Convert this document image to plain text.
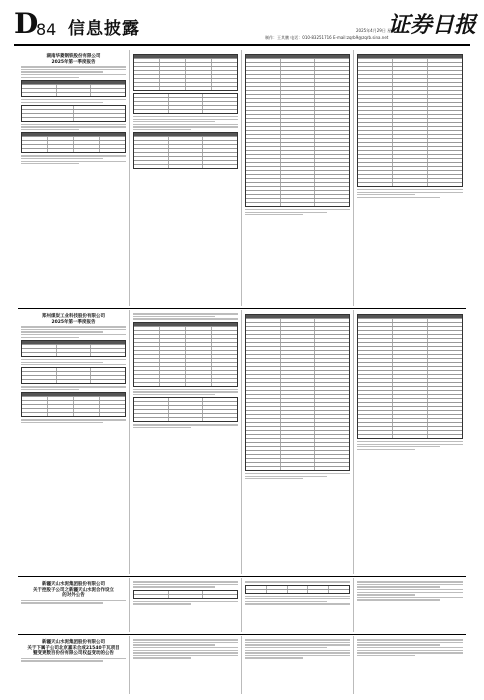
D
84 信息披露	2025年4月29日 星期二
制作：王其鹏 电话：010-83251716 E-mail:zqrb9@zqrb.sina.net 证券日报
湖南华菱钢铁股份有限公司
2025年第一季度报告
郑州煤炭工业科技股份有限公司
2025年第一季度报告
新疆天山水泥集团股份有限公司
关于控股子公司之新疆天山水泥合作设立
的对外公告
新疆天山水泥集团股份有限公司
关于下属子公司北京嘉禾合成21540千瓦项目
暨变更数百份份有限公司权益变动的公告
